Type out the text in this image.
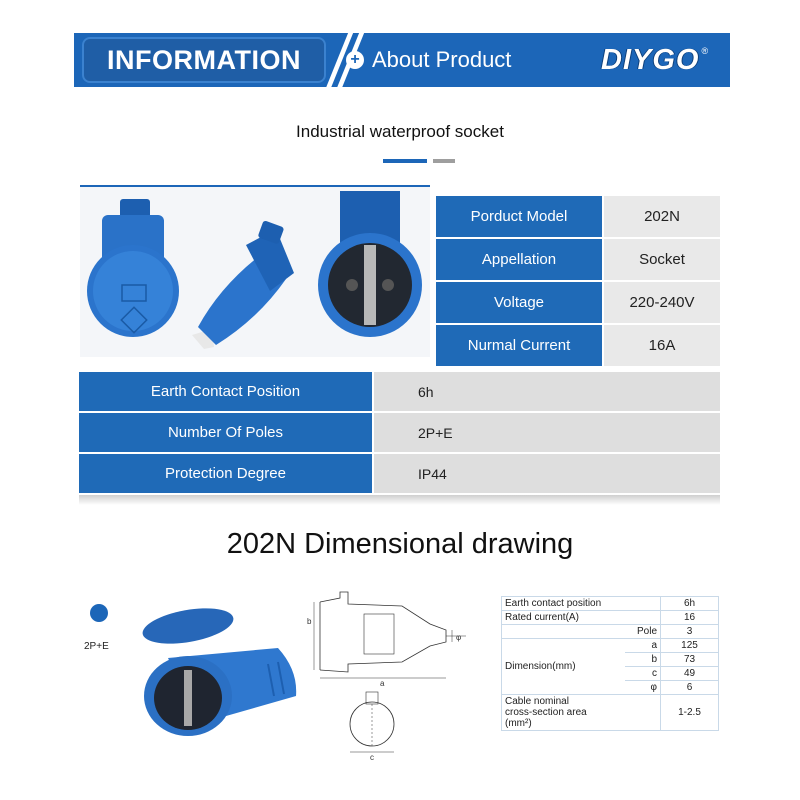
INFORMATION	+ About Product	DIYGO ®
Industrial waterproof socket
Porduct Model	202N
Appellation	Socket
Voltage	220-240V
Nurmal Current	16A
Earth Contact Position	6h
Number Of Poles	2P+E
Protection Degree	IP44
202N Dimensional drawing
2P+E
b
a
φ
c
Earth contact position		6h
Rated current(A)		16
Pole		3
Dimension(mm)	a	125
	b	73
	c	49
	φ	6

Cable nominal
cross-section area
(mm²)		1-2.5
